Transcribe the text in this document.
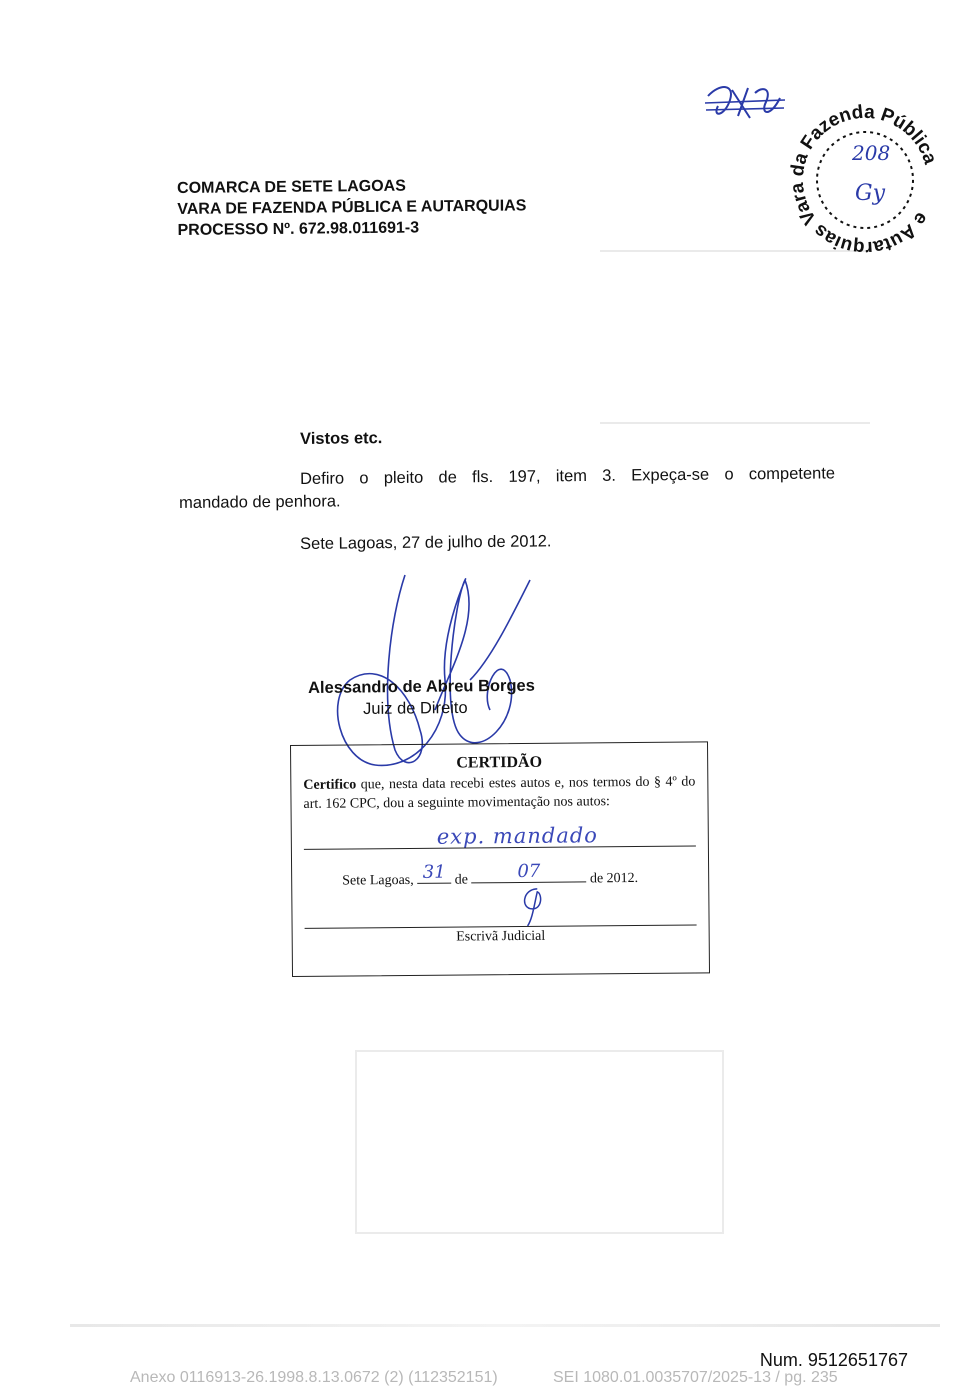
COMARCA DE SETE LAGOAS
VARA DE FAZENDA PÚBLICA E AUTARQUIAS
PROCESSO Nº. 672.98.011691-3
e Autarquias Vara da Fazenda Pública
208
Gy
Vistos etc.
Defiro o pleito de fls. 197, item 3. Expeça-se o competente
mandado de penhora.
Sete Lagoas, 27 de julho de 2012.
Alessandro de Abreu Borges
Juiz de Direito
CERTIDÃO
Certifico que, nesta data recebi estes autos e, nos termos do § 4º do art. 162 CPC, dou a seguinte movimentação nos autos:
exp. mandado
Sete Lagoas, 31 de	07	de 2012.
Escrivã Judicial
Num. 9512651767
Anexo 0116913-26.1998.8.13.0672 (2) (112352151)	SEI 1080.01.0035707/2025-13 / pg. 235
